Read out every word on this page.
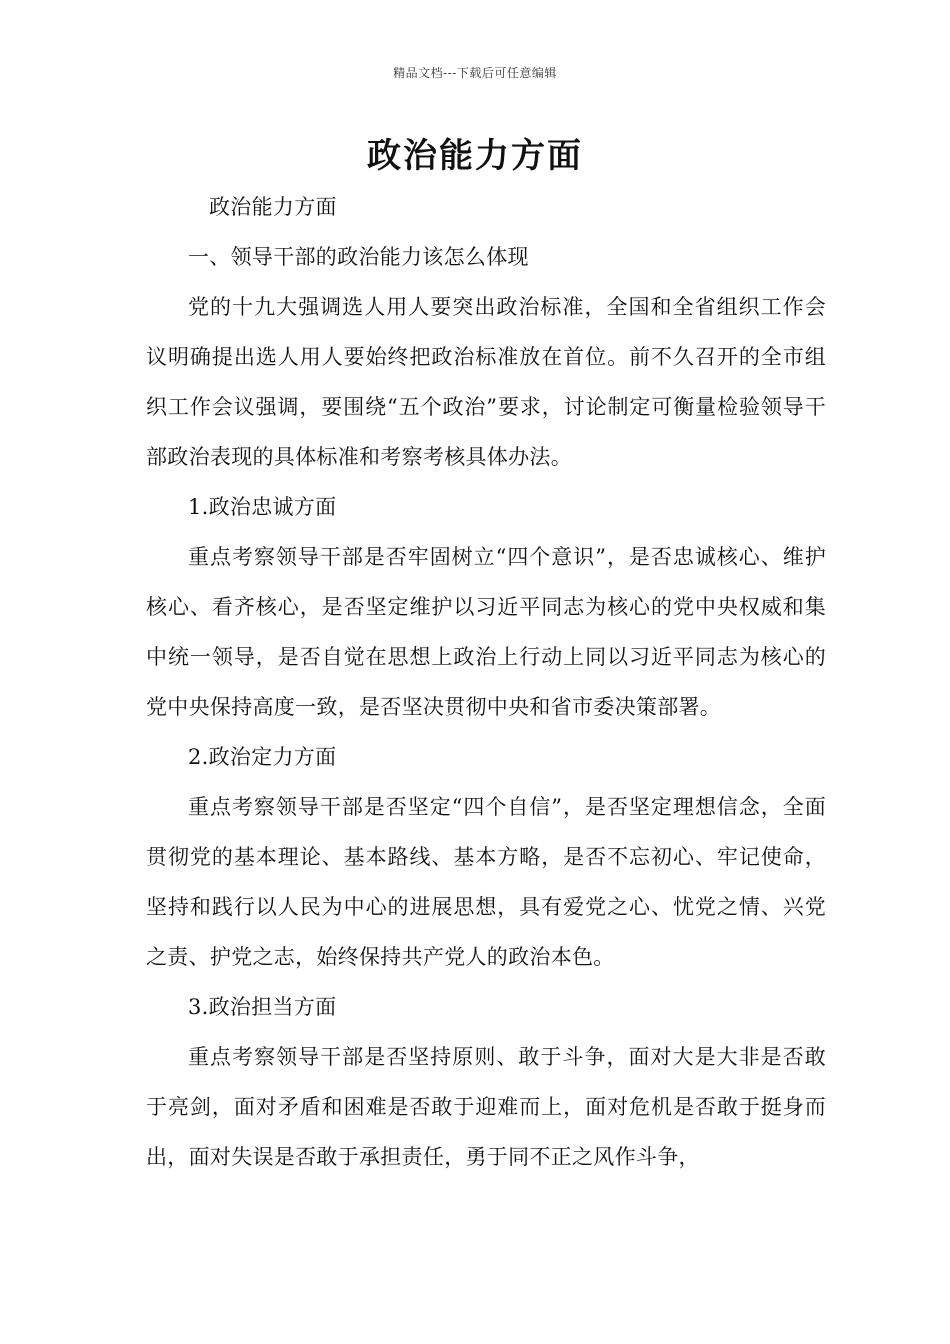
精品文档---下载后可任意编辑
政治能力方面

政治能力方面

一、领导干部的政治能力该怎么体现

党的十九大强调选人用人要突出政治标准，全国和全省组织工作会议明确提出选人用人要始终把政治标准放在首位。前不久召开的全市组织工作会议强调，要围绕“五个政治”要求，讨论制定可衡量检验领导干部政治表现的具体标准和考察考核具体办法。

1.政治忠诚方面

重点考察领导干部是否牢固树立“四个意识”，是否忠诚核心、维护核心、看齐核心，是否坚定维护以习近平同志为核心的党中央权威和集中统一领导，是否自觉在思想上政治上行动上同以习近平同志为核心的党中央保持高度一致，是否坚决贯彻中央和省市委决策部署。

2.政治定力方面

重点考察领导干部是否坚定“四个自信”，是否坚定理想信念，全面贯彻党的基本理论、基本路线、基本方略，是否不忘初心、牢记使命，坚持和践行以人民为中心的进展思想，具有爱党之心、忧党之情、兴党之责、护党之志，始终保持共产党人的政治本色。

3.政治担当方面

重点考察领导干部是否坚持原则、敢于斗争，面对大是大非是否敢于亮剑，面对矛盾和困难是否敢于迎难而上，面对危机是否敢于挺身而出，面对失误是否敢于承担责任，勇于同不正之风作斗争，
